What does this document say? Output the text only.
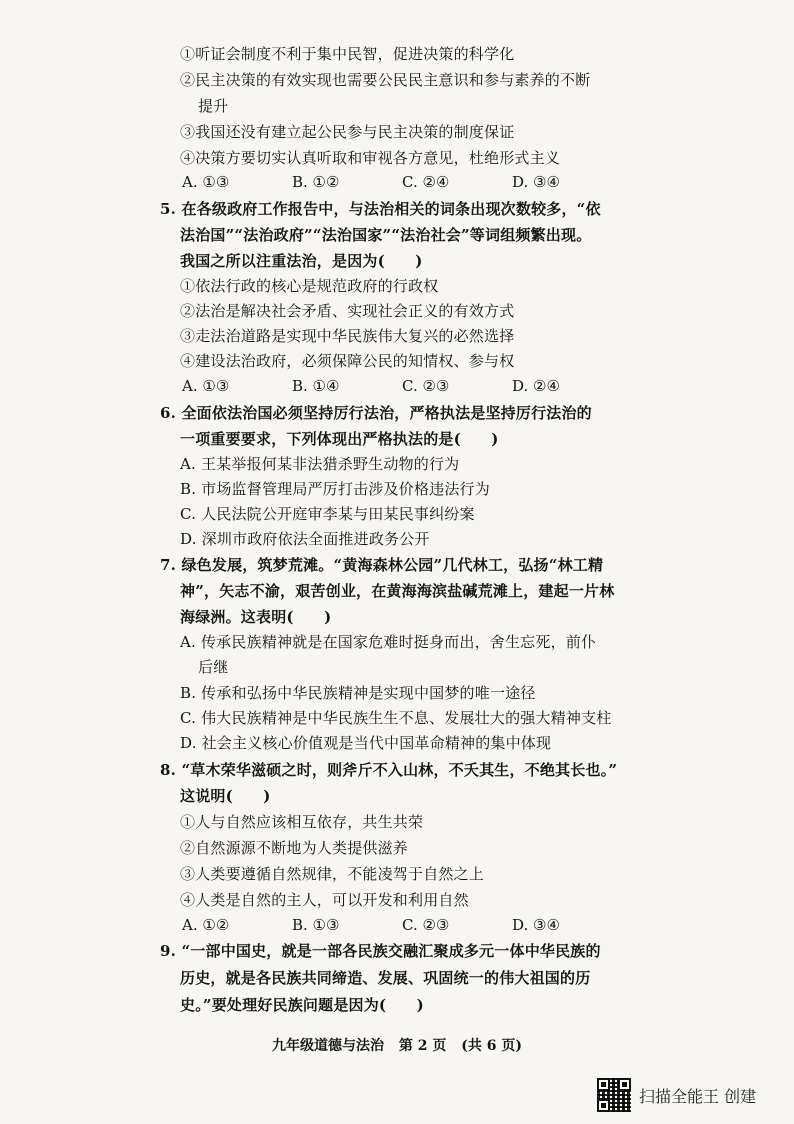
①听证会制度不利于集中民智，促进决策的科学化
②民主决策的有效实现也需要公民民主意识和参与素养的不断
提升
③我国还没有建立起公民参与民主决策的制度保证
④决策方要切实认真听取和审视各方意见，杜绝形式主义
A. ①③	B. ①②	C. ②④	D. ③④
5. 在各级政府工作报告中，与法治相关的词条出现次数较多，“依
法治国”“法治政府”“法治国家”“法治社会”等词组频繁出现。
我国之所以注重法治，是因为(　　)
①依法行政的核心是规范政府的行政权
②法治是解决社会矛盾、实现社会正义的有效方式
③走法治道路是实现中华民族伟大复兴的必然选择
④建设法治政府，必须保障公民的知情权、参与权
A. ①③	B. ①④	C. ②③	D. ②④
6. 全面依法治国必须坚持厉行法治，严格执法是坚持厉行法治的
一项重要要求，下列体现出严格执法的是(　　)
A. 王某举报何某非法猎杀野生动物的行为
B. 市场监督管理局严厉打击涉及价格违法行为
C. 人民法院公开庭审李某与田某民事纠纷案
D. 深圳市政府依法全面推进政务公开
7. 绿色发展，筑梦荒滩。“黄海森林公园”几代林工，弘扬“林工精
神”，矢志不渝，艰苦创业，在黄海海滨盐碱荒滩上，建起一片林
海绿洲。这表明(　　)
A. 传承民族精神就是在国家危难时挺身而出，舍生忘死，前仆
后继
B. 传承和弘扬中华民族精神是实现中国梦的唯一途径
C. 伟大民族精神是中华民族生生不息、发展壮大的强大精神支柱
D. 社会主义核心价值观是当代中国革命精神的集中体现
8. “草木荣华滋硕之时，则斧斤不入山林，不夭其生，不绝其长也。”
这说明(　　)
①人与自然应该相互依存，共生共荣
②自然源源不断地为人类提供滋养
③人类要遵循自然规律，不能凌驾于自然之上
④人类是自然的主人，可以开发和利用自然
A. ①②	B. ①③	C. ②③	D. ③④
9. “一部中国史，就是一部各民族交融汇聚成多元一体中华民族的
历史，就是各民族共同缔造、发展、巩固统一的伟大祖国的历
史。”要处理好民族问题是因为(　　)
九年级道德与法治 第 2 页 (共 6 页)
扫描全能王 创建
